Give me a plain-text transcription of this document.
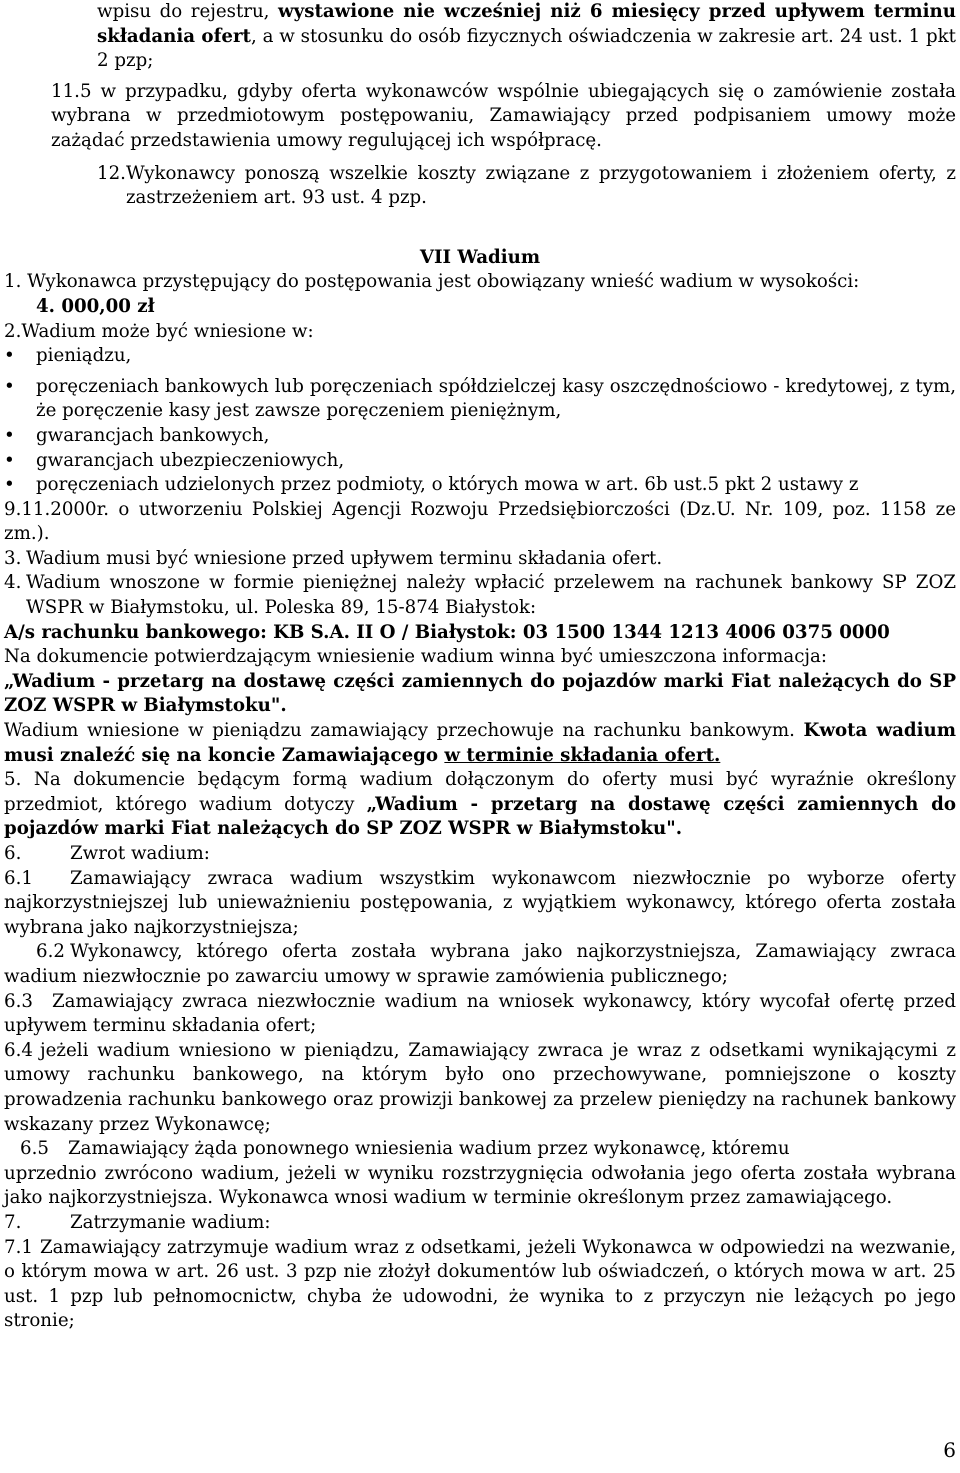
wpisu do rejestru, wystawione nie wcześniej niż 6 miesięcy przed upływem terminu składania ofert, a w stosunku do osób fizycznych oświadczenia w zakresie art. 24 ust. 1 pkt 2 pzp;

11.5 w przypadku, gdyby oferta wykonawców wspólnie ubiegających się o zamówienie została wybrana w przedmiotowym postępowaniu, Zamawiający przed podpisaniem umowy może zażądać przedstawienia umowy regulującej ich współpracę.

12. Wykonawcy ponoszą wszelkie koszty związane z przygotowaniem i złożeniem oferty, z zastrzeżeniem art. 93 ust. 4 pzp.
VII Wadium

1. Wykonawca przystępujący do postępowania jest obowiązany wnieść wadium w wysokości:

4. 000,00 zł

2.Wadium może być wniesione w:

•	pieniądzu,
•	poręczeniach bankowych lub poręczeniach spółdzielczej kasy oszczędnościowo - kredytowej, z tym, że poręczenie kasy jest zawsze poręczeniem pieniężnym,
•	gwarancjach bankowych,
•	gwarancjach ubezpieczeniowych,
•	poręczeniach udzielonych przez podmioty, o których mowa w art. 6b ust.5 pkt 2 ustawy z

9.11.2000r. o utworzeniu Polskiej Agencji Rozwoju Przedsiębiorczości (Dz.U. Nr. 109, poz. 1158 ze zm.).

3. Wadium musi być wniesione przed upływem terminu składania ofert.
4. Wadium wnoszone w formie pieniężnej należy wpłacić przelewem na rachunek bankowy SP ZOZ WSPR w Białymstoku, ul. Poleska 89, 15-874 Białystok:

A/s rachunku bankowego: KB S.A. II O / Białystok: 03 1500 1344 1213 4006 0375 0000

Na dokumencie potwierdzającym wniesienie wadium winna być umieszczona informacja:

„Wadium - przetarg na dostawę części zamiennych do pojazdów marki Fiat należących do SP ZOZ WSPR w Białymstoku".

Wadium wniesione w pieniądzu zamawiający przechowuje na rachunku bankowym. Kwota wadium musi znaleźć się na koncie Zamawiającego w terminie składania ofert.

5. Na dokumencie będącym formą wadium dołączonym do oferty musi być wyraźnie określony przedmiot, którego wadium dotyczy „Wadium - przetarg na dostawę części zamiennych do pojazdów marki Fiat należących do SP ZOZ WSPR w Białymstoku".

6.	Zwrot wadium:

6.1 Zamawiający zwraca wadium wszystkim wykonawcom niezwłocznie po wyborze oferty najkorzystniejszej lub unieważnieniu postępowania, z wyjątkiem wykonawcy, którego oferta została wybrana jako najkorzystniejsza;

6.2 Wykonawcy, którego oferta została wybrana jako najkorzystniejsza, Zamawiający zwraca wadium niezwłocznie po zawarciu umowy w sprawie zamówienia publicznego;

6.3 Zamawiający zwraca niezwłocznie wadium na wniosek wykonawcy, który wycofał ofertę przed upływem terminu składania ofert;

6.4 jeżeli wadium wniesiono w pieniądzu, Zamawiający zwraca je wraz z odsetkami wynikającymi z umowy rachunku bankowego, na którym było ono przechowywane, pomniejszone o koszty prowadzenia rachunku bankowego oraz prowizji bankowej za przelew pieniędzy na rachunek bankowy wskazany przez Wykonawcę;

6.5 Zamawiający żąda ponownego wniesienia wadium przez wykonawcę, któremu

uprzednio zwrócono wadium, jeżeli w wyniku rozstrzygnięcia odwołania jego oferta została wybrana jako najkorzystniejsza. Wykonawca wnosi wadium w terminie określonym przez zamawiającego.

7.	Zatrzymanie wadium:

7.1 Zamawiający zatrzymuje wadium wraz z odsetkami, jeżeli Wykonawca w odpowiedzi na wezwanie, o którym mowa w art. 26 ust. 3 pzp nie złożył dokumentów lub oświadczeń, o których mowa w art. 25 ust. 1 pzp lub pełnomocnictw, chyba że udowodni, że wynika to z przyczyn nie leżących po jego stronie;

6
